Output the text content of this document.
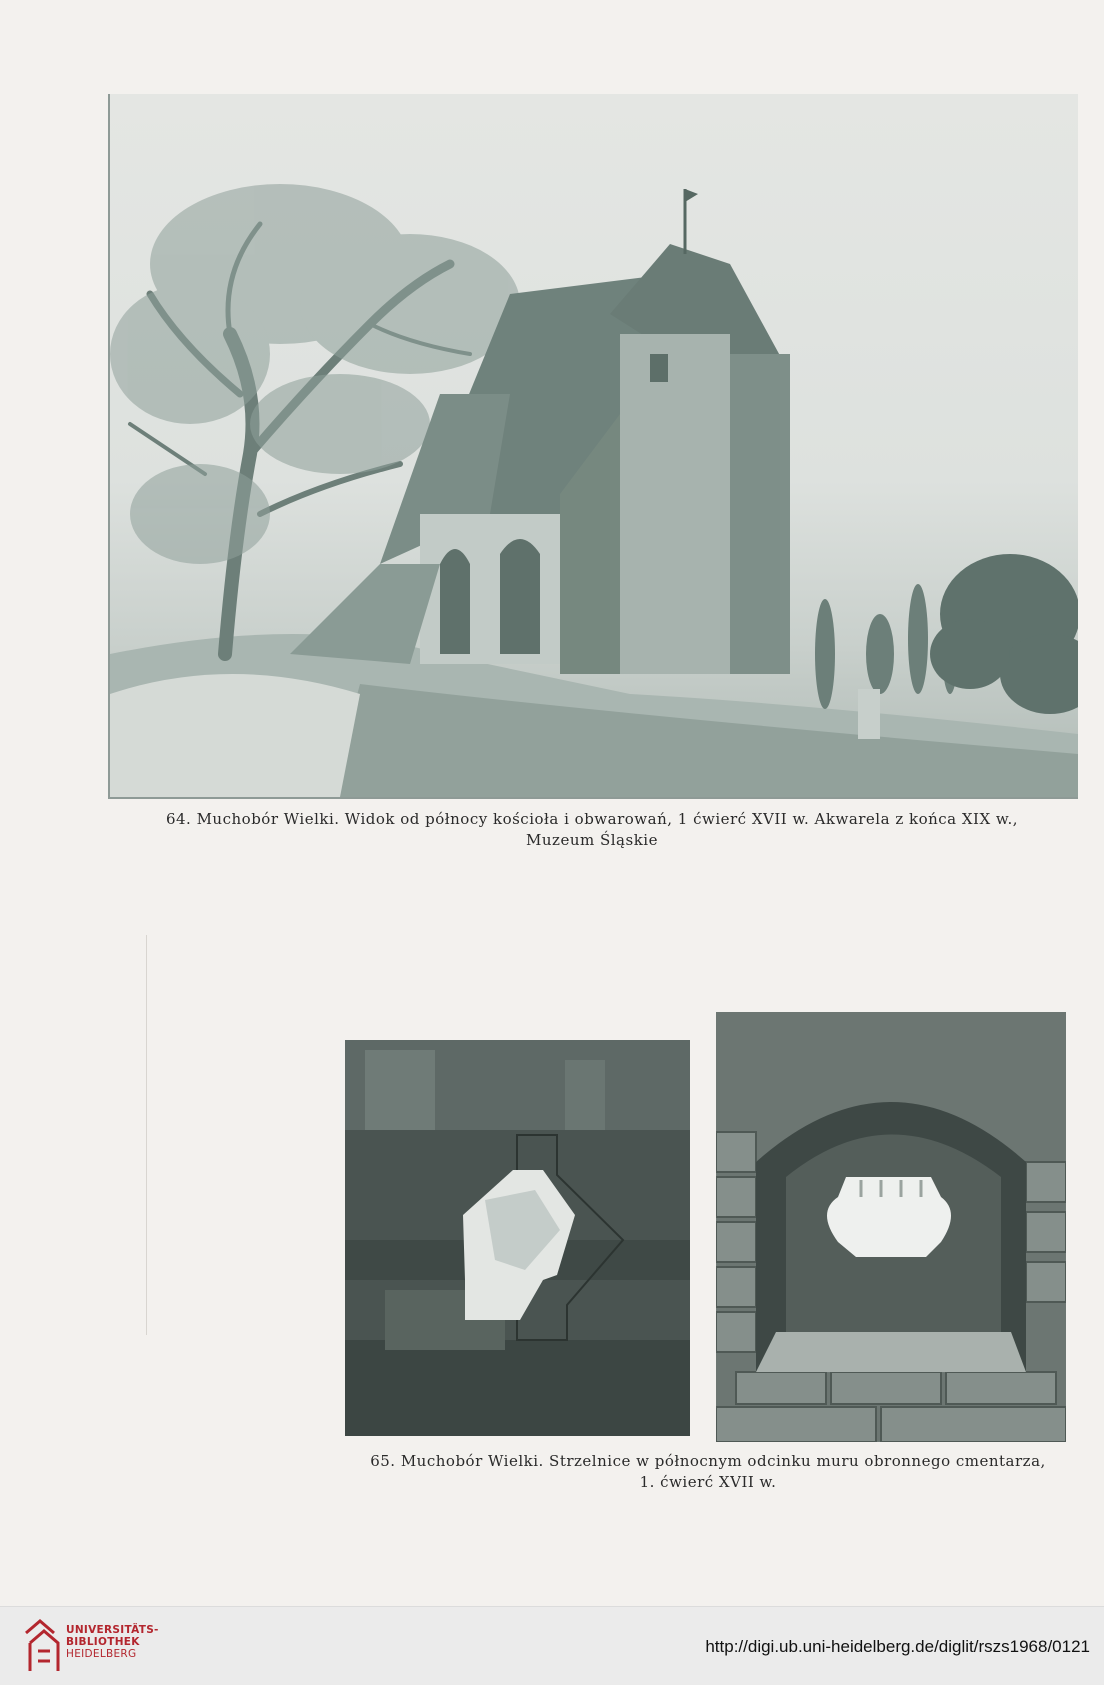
64. Muchobór Wielki. Widok od północy kościoła i obwarowań, 1 ćwierć XVII w. Akwarela z końca XIX w.,
Muzeum Śląskie
65. Muchobór Wielki. Strzelnice w północnym odcinku muru obronnego cmentarza,
1. ćwierć XVII w.
UNIVERSITÄTS-
BIBLIOTHEK
HEIDELBERG	http://digi.ub.uni-heidelberg.de/diglit/rszs1968/0121
